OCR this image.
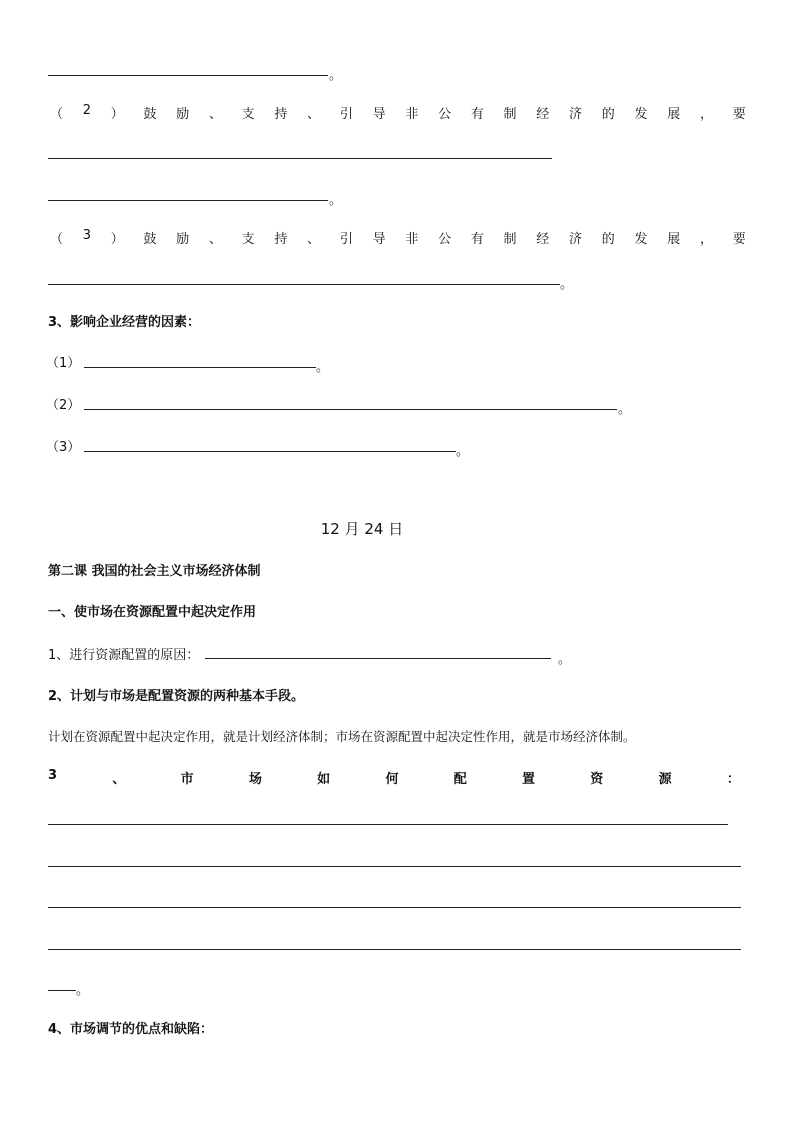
。
（ 2 ） 鼓 励 、 支 持 、 引 导 非 公 有 制 经 济 的 发 展 ， 要
。
（ 3 ） 鼓 励 、 支 持 、 引 导 非 公 有 制 经 济 的 发 展 ， 要
。
3、影响企业经营的因素：
（1）	。
（2）	。
（3）	。
12 月 24 日
第二课 我国的社会主义市场经济体制
一、使市场在资源配置中起决定作用
1、进行资源配置的原因：	。
2、计划与市场是配置资源的两种基本手段。
计划在资源配置中起决定作用，就是计划经济体制；市场在资源配置中起决定性作用，就是市场经济体制。
3	、	市	场	如	何	配	置	资	源	：
。
4、市场调节的优点和缺陷：
